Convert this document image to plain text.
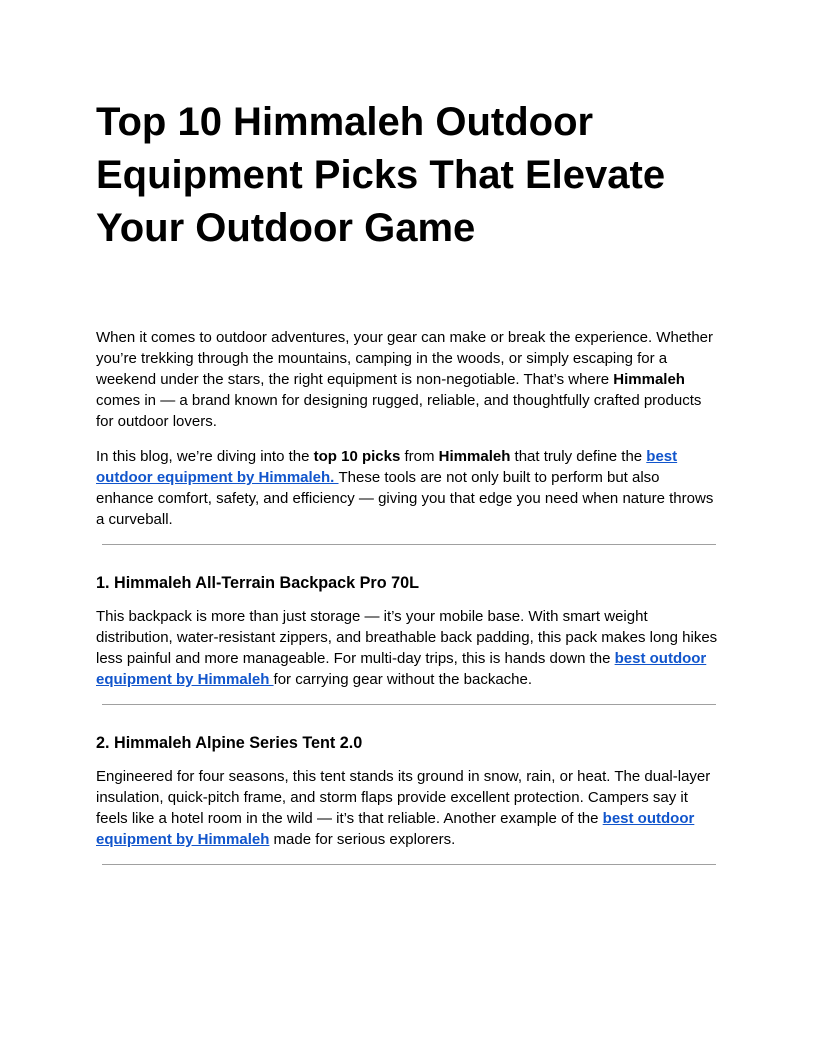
Top 10 Himmaleh Outdoor Equipment Picks That Elevate Your Outdoor Game

When it comes to outdoor adventures, your gear can make or break the experience. Whether you’re trekking through the mountains, camping in the woods, or simply escaping for a weekend under the stars, the right equipment is non-negotiable. That’s where Himmaleh comes in — a brand known for designing rugged, reliable, and thoughtfully crafted products for outdoor lovers.

In this blog, we’re diving into the top 10 picks from Himmaleh that truly define the best outdoor equipment by Himmaleh. These tools are not only built to perform but also enhance comfort, safety, and efficiency — giving you that edge you need when nature throws a curveball.

1. Himmaleh All-Terrain Backpack Pro 70L

This backpack is more than just storage — it’s your mobile base. With smart weight distribution, water-resistant zippers, and breathable back padding, this pack makes long hikes less painful and more manageable. For multi-day trips, this is hands down the best outdoor equipment by Himmaleh for carrying gear without the backache.

2. Himmaleh Alpine Series Tent 2.0

Engineered for four seasons, this tent stands its ground in snow, rain, or heat. The dual-layer insulation, quick-pitch frame, and storm flaps provide excellent protection. Campers say it feels like a hotel room in the wild — it’s that reliable. Another example of the best outdoor equipment by Himmaleh made for serious explorers.
